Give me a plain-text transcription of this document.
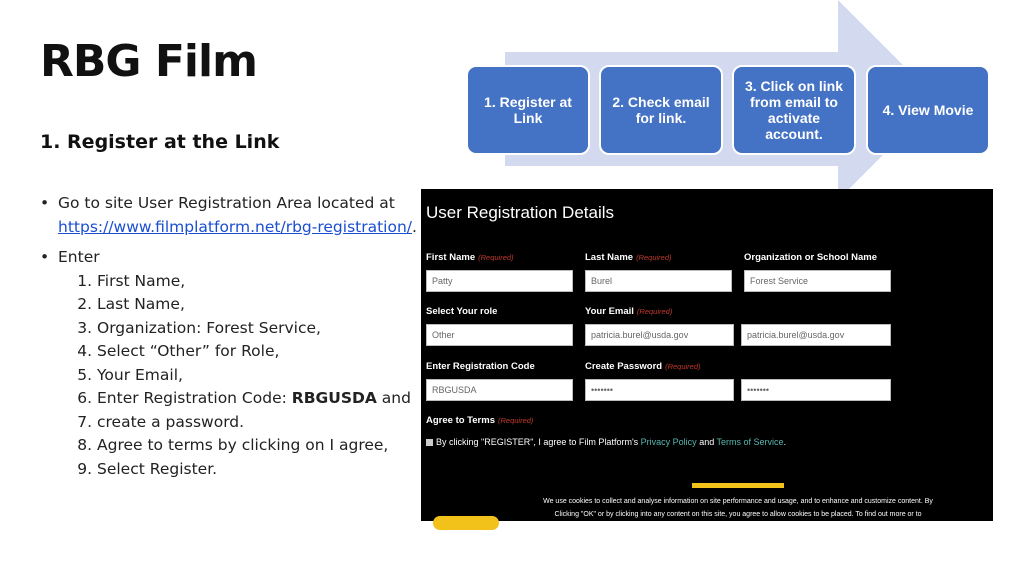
RBG Film
1. Register at the Link
1. Register at Link
2. Check email for link.
3. Click on link from email to activate account.
4. View Movie
• Go to site User Registration Area located at
https://www.filmplatform.net/rbg-registration/.
• Enter
1. First Name,
2. Last Name,
3. Organization: Forest Service,
4. Select “Other” for Role,
5. Your Email,
6. Enter Registration Code: RBGUSDA and
7. create a password.
8. Agree to terms by clicking on I agree,
9. Select Register.
User Registration Details
First Name (Required)
Patty
Last Name (Required)
Burel
Organization or School Name
Forest Service
Select Your role
Other
Your Email (Required)
patricia.burel@usda.gov	patricia.burel@usda.gov
Enter Registration Code
RBGUSDA
Create Password (Required)
•••••••	•••••••
Agree to Terms (Required)
By clicking "REGISTER", I agree to Film Platform's Privacy Policy and Terms of Service.
We use cookies to collect and analyse information on site performance and usage, and to enhance and customize content. By
Clicking "OK" or by clicking into any content on this site, you agree to allow cookies to be placed. To find out more or to change
